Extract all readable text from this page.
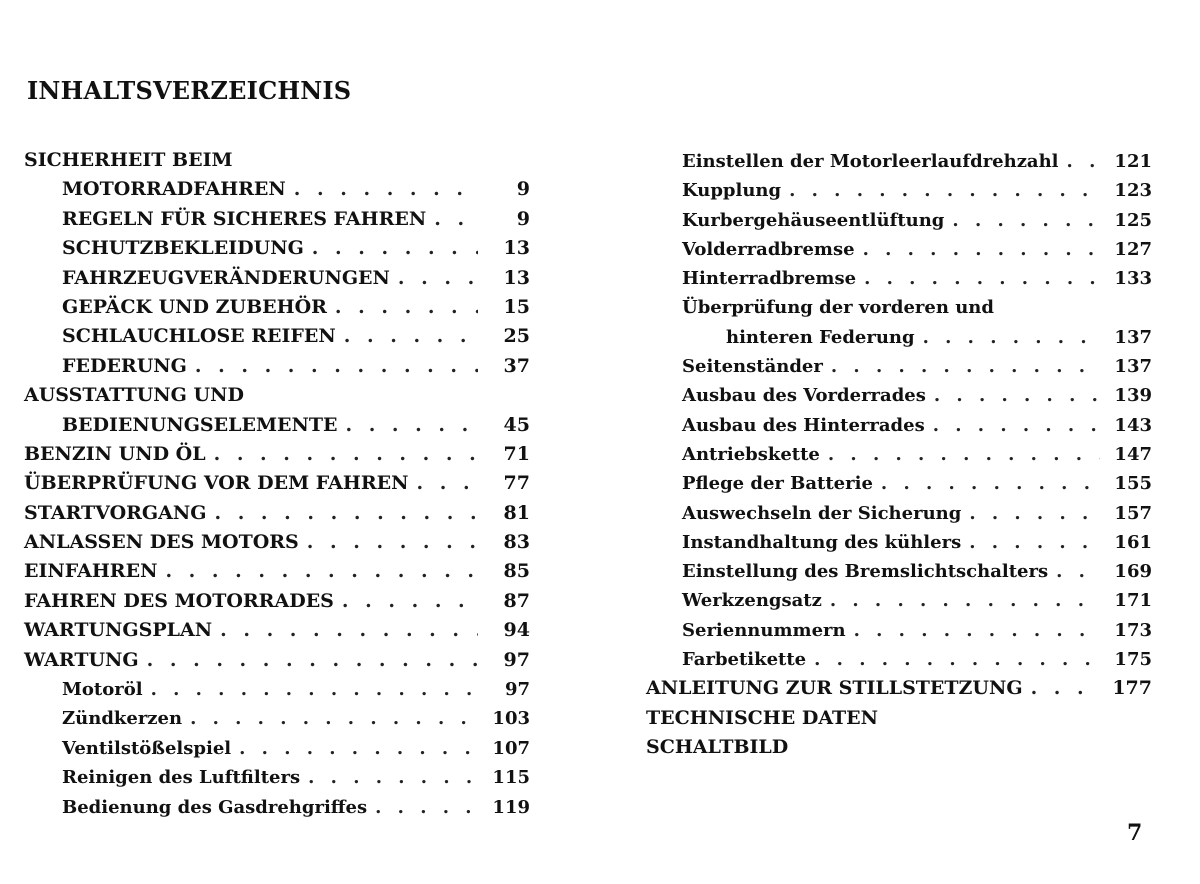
INHALTSVERZEICHNIS
SICHERHEIT BEIM
MOTORRADFAHREN . . .	9
REGELN FÜR SICHERES FAHREN . . .	9
SCHUTZBEKLEIDUNG . . .	13
FAHRZEUGVERÄNDERUNGEN . . .	13
GEPÄCK UND ZUBEHÖR . . .	15
SCHLAUCHLOSE REIFEN . . .	25
FEDERUNG . . .	37
AUSSTATTUNG UND
BEDIENUNGSELEMENTE . . .	45
BENZIN UND ÖL . . .	71
ÜBERPRÜFUNG VOR DEM FAHREN . . .	77
STARTVORGANG . . .	81
ANLASSEN DES MOTORS . . .	83
EINFAHREN . . .	85
FAHREN DES MOTORRADES . . .	87
WARTUNGSPLAN . . .	94
WARTUNG . . .	97
Motoröl . . .	97
Zündkerzen . . .	103
Ventilstößelspiel . . .	107
Reinigen des Luftfilters . . .	115
Bedienung des Gasdrehgriffes . . .	119
Einstellen der Motorleerlaufdrehzahl . . .	121
Kupplung . . .	123
Kurbergehäuseentlüftung . . .	125
Volderradbremse . . .	127
Hinterradbremse . . .	133
Überprüfung der vorderen und
hinteren Federung . . .	137
Seitenständer . . .	137
Ausbau des Vorderrades . . .	139
Ausbau des Hinterrades . . .	143
Antriebskette . . .	147
Pflege der Batterie . . .	155
Auswechseln der Sicherung . . .	157
Instandhaltung des kühlers . . .	161
Einstellung des Bremslichtschalters . . .	169
Werkzengsatz . . .	171
Seriennummern . . .	173
Farbetikette . . .	175
ANLEITUNG ZUR STILLSTETZUNG . . .	177
TECHNISCHE DATEN
SCHALTBILD
7
